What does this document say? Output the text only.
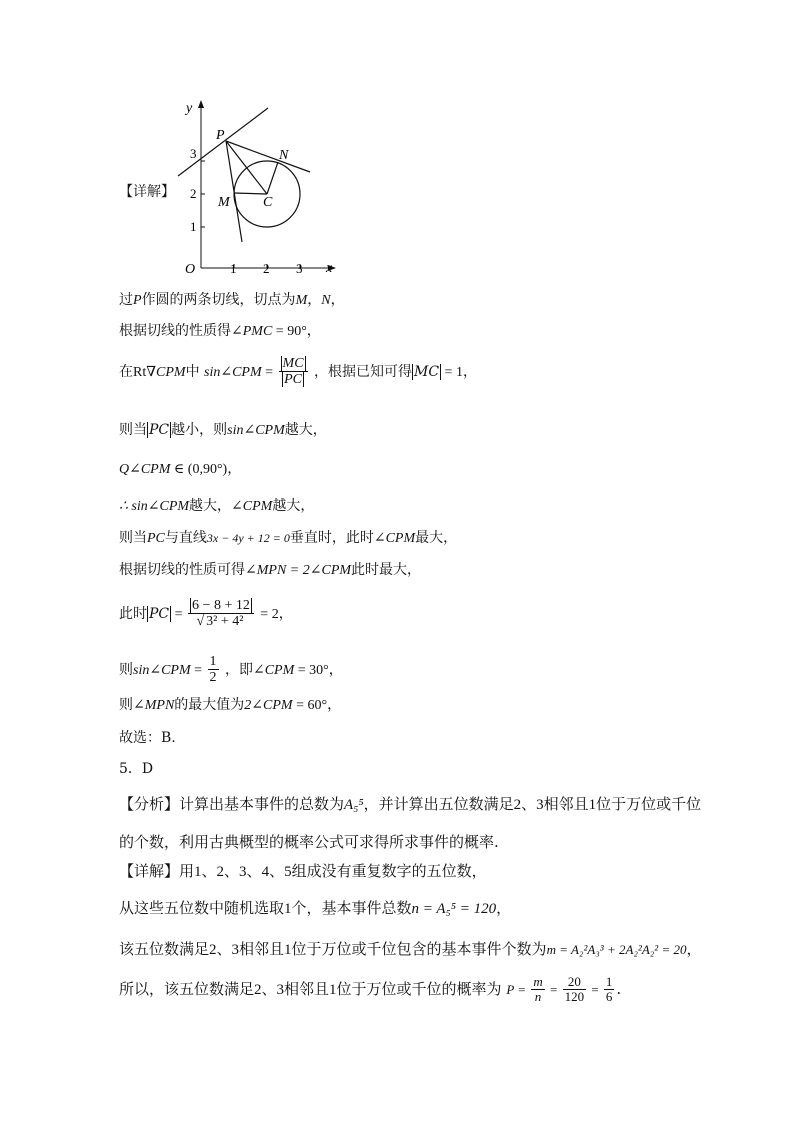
y
x
O	1 2 3
1
2
3
P
N
M C
【详解】
过P作圆的两条切线，切点为M，N，
根据切线的性质得∠PMC = 90°，
在Rt∇CPM中 sin∠CPM = $\frac{MC}{PC}$ ，根据已知可得 MC = 1，
则当 PC 越小，则sin∠CPM越大，
Q∠CPM ∈ (0,90°)，
∴ sin∠CPM越大，∠CPM越大，
则当PC与直线3x − 4y + 12 = 0垂直时，此时∠CPM最大，
根据切线的性质可得∠MPN = 2∠CPM此时最大，
此时 PC = $\frac{6 - 8 + 12}{\text{√ 3² + 4²}} = 2$，
则sin∠CPM = $\frac{1}{2}$ ，即∠CPM = 30°，
则∠MPN的最大值为2∠CPM = 60°，
故选：B.
5．D
【分析】计算出基本事件的总数为A₅⁵，并计算出五位数满足2、3相邻且1位于万位或千位
的个数，利用古典概型的概率公式可求得所求事件的概率.
【详解】用1、2、3、4、5组成没有重复数字的五位数，
从这些五位数中随机选取1个，基本事件总数n = A₅⁵ = 120，
该五位数满足2、3相邻且1位于万位或千位包含的基本事件个数为m = A₂²A₃³ + 2A₂²A₂² = 20，
所以，该五位数满足2、3相邻且1位于万位或千位的概率为 $P = \frac{m}{n} = \frac{20}{120} = \frac{1}{6}$ .
